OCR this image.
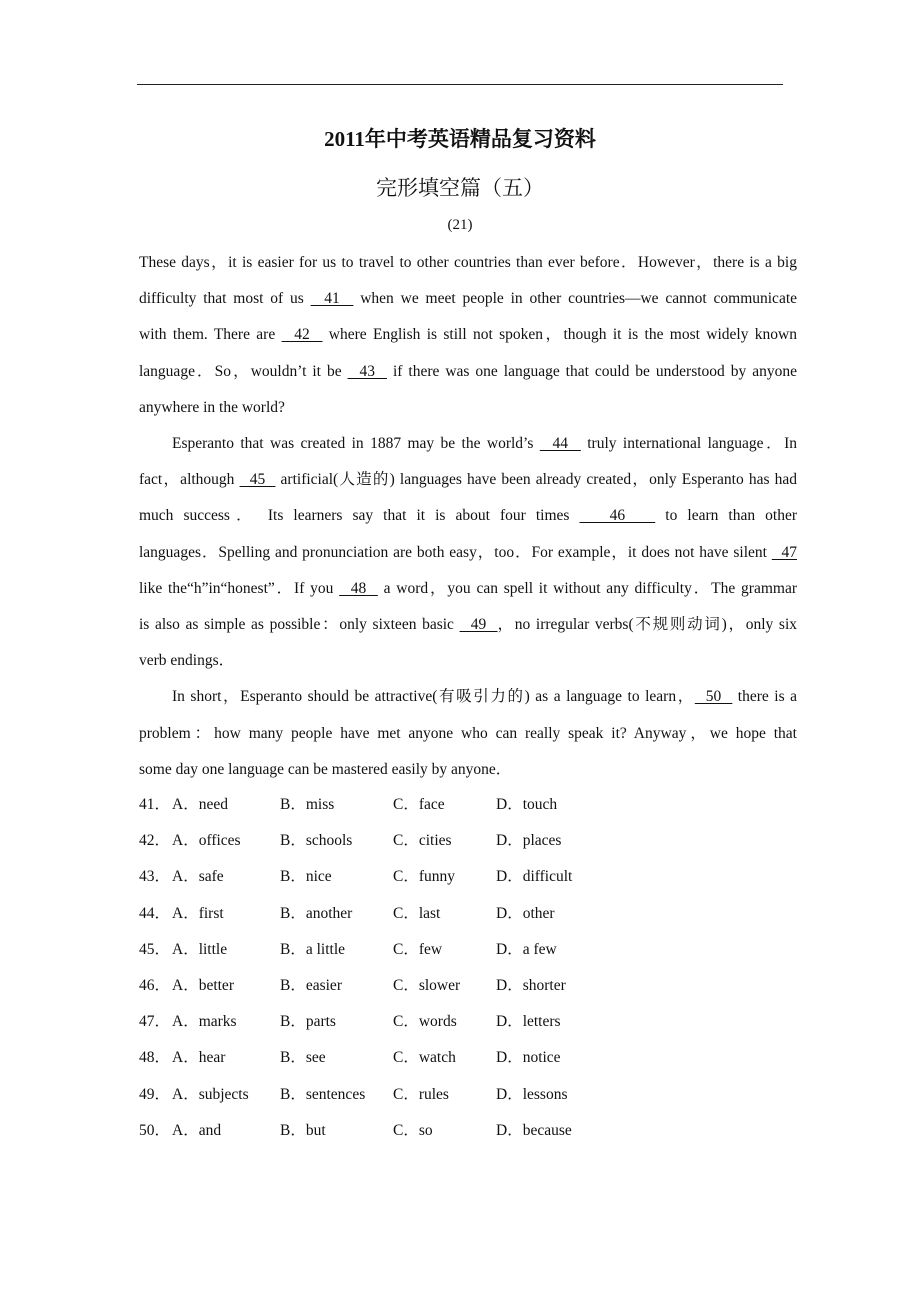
2011年中考英语精品复习资料
完形填空篇（五）
(21)
These days，it is easier for us to travel to other countries than ever before．However，there is a big
difficulty that most of us   41   when we meet people in other countries—we cannot communicate
with them. There are   42   where English is still not spoken，though it is the most widely known
language．So，wouldn’t it be   43   if there was one language that could be understood by anyone
anywhere in the world?
Esperanto that was created in 1887 may be the world’s   44   truly international language．In
fact，although   45   artificial(人造的) languages have been already created，only Esperanto has had
much success． Its learners say that it is about four times    46    to learn than other
languages．Spelling and pronunciation are both easy，too．For example，it does not have silent   47
like the“h”in“honest”．If you   48   a word，you can spell it without any difficulty．The grammar
is also as simple as possible：only sixteen basic   49  ，no irregular verbs(不规则动词)，only six
verb endings．
In short，Esperanto should be attractive(有吸引力的) as a language to learn，  50   there is a
problem：how many people have met anyone who can really speak it? Anyway，we hope that
some day one language can be mastered easily by anyone．
41． A．need	B．miss	C．face	D．touch
42． A．offices	B．schools	C．cities	D．places
43． A．safe	B．nice	C．funny	D．difficult
44． A．first	B．another	C．last	D．other
45． A．little	B．a little	C．few	D．a few
46． A．better	B．easier	C．slower D．shorter
47． A．marks	B．parts	C．words	D．letters
48． A．hear	B．see	C．watch	D．notice
49． A．subjects B．sentences C．rules	D．lessons
50． A．and	B．but	C．so	D．because
